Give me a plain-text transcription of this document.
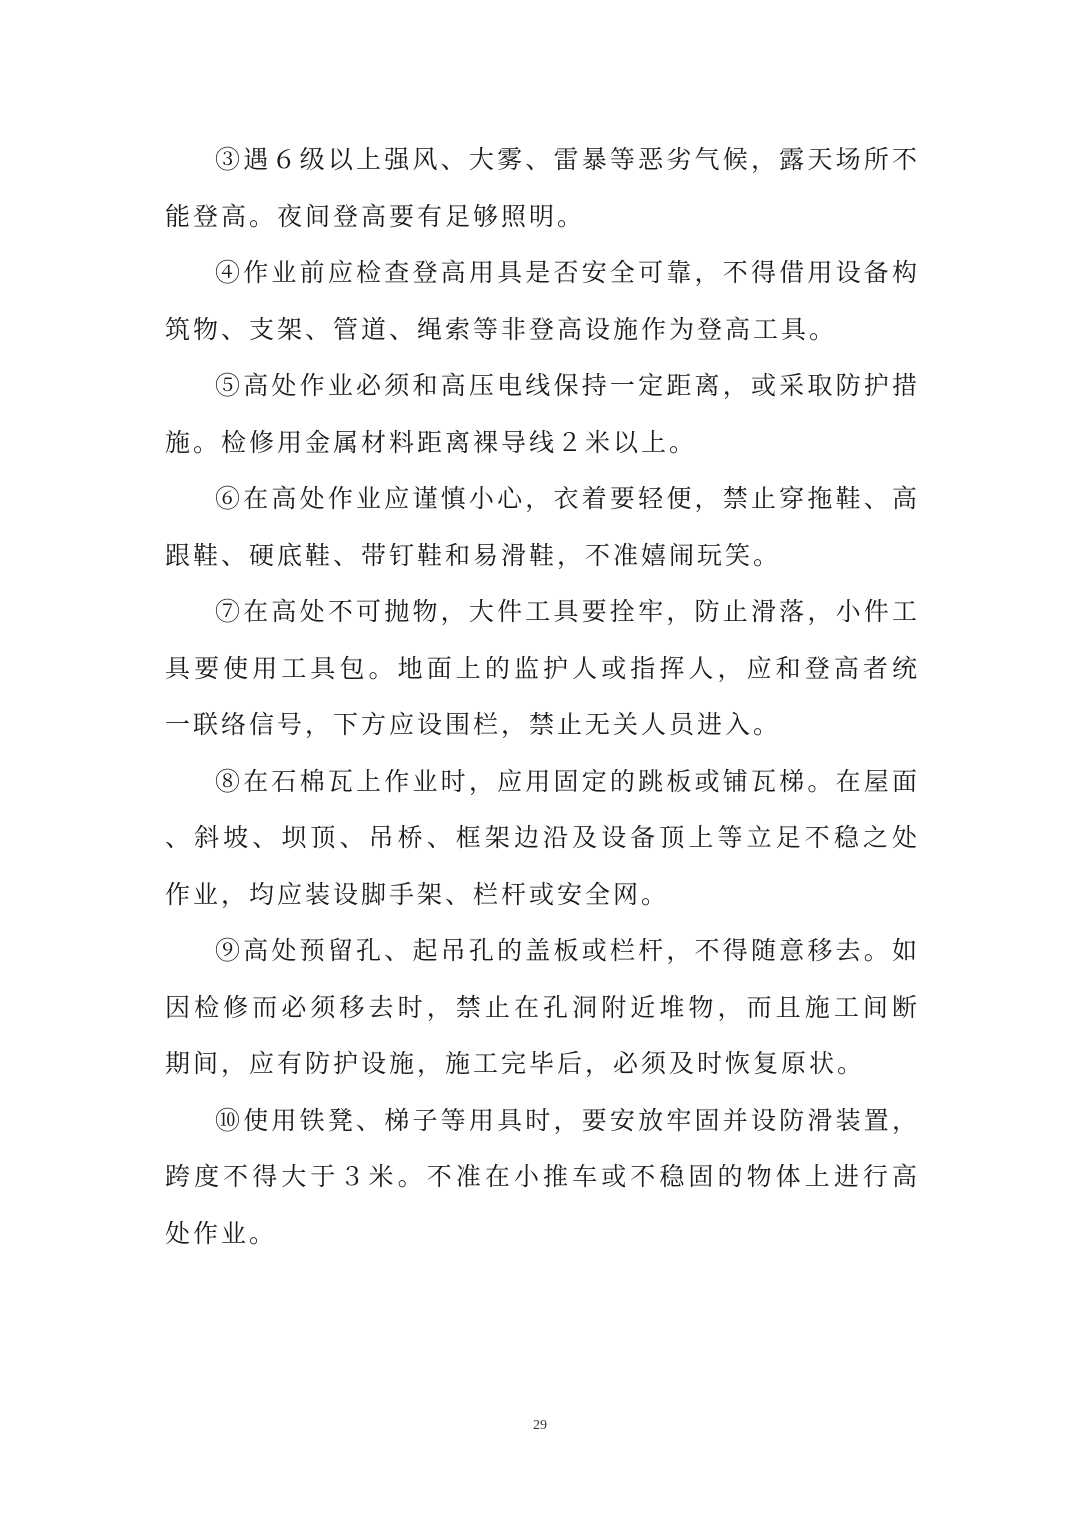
③遇６级以上强风、大雾、雷暴等恶劣气候，露天场所不能登高。夜间登高要有足够照明。

④作业前应检查登高用具是否安全可靠，不得借用设备构筑物、支架、管道、绳索等非登高设施作为登高工具。

⑤高处作业必须和高压电线保持一定距离，或采取防护措施。检修用金属材料距离裸导线２米以上。

⑥在高处作业应谨慎小心，衣着要轻便，禁止穿拖鞋、高跟鞋、硬底鞋、带钉鞋和易滑鞋，不准嬉闹玩笑。

⑦在高处不可抛物，大件工具要拴牢，防止滑落，小件工具要使用工具包。地面上的监护人或指挥人，应和登高者统一联络信号，下方应设围栏，禁止无关人员进入。

⑧在石棉瓦上作业时，应用固定的跳板或铺瓦梯。在屋面、斜坡、坝顶、吊桥、框架边沿及设备顶上等立足不稳之处作业，均应装设脚手架、栏杆或安全网。

⑨高处预留孔、起吊孔的盖板或栏杆，不得随意移去。如因检修而必须移去时，禁止在孔洞附近堆物，而且施工间断期间，应有防护设施，施工完毕后，必须及时恢复原状。

⑩使用铁凳、梯子等用具时，要安放牢固并设防滑装置，跨度不得大于３米。不准在小推车或不稳固的物体上进行高处作业。

29
